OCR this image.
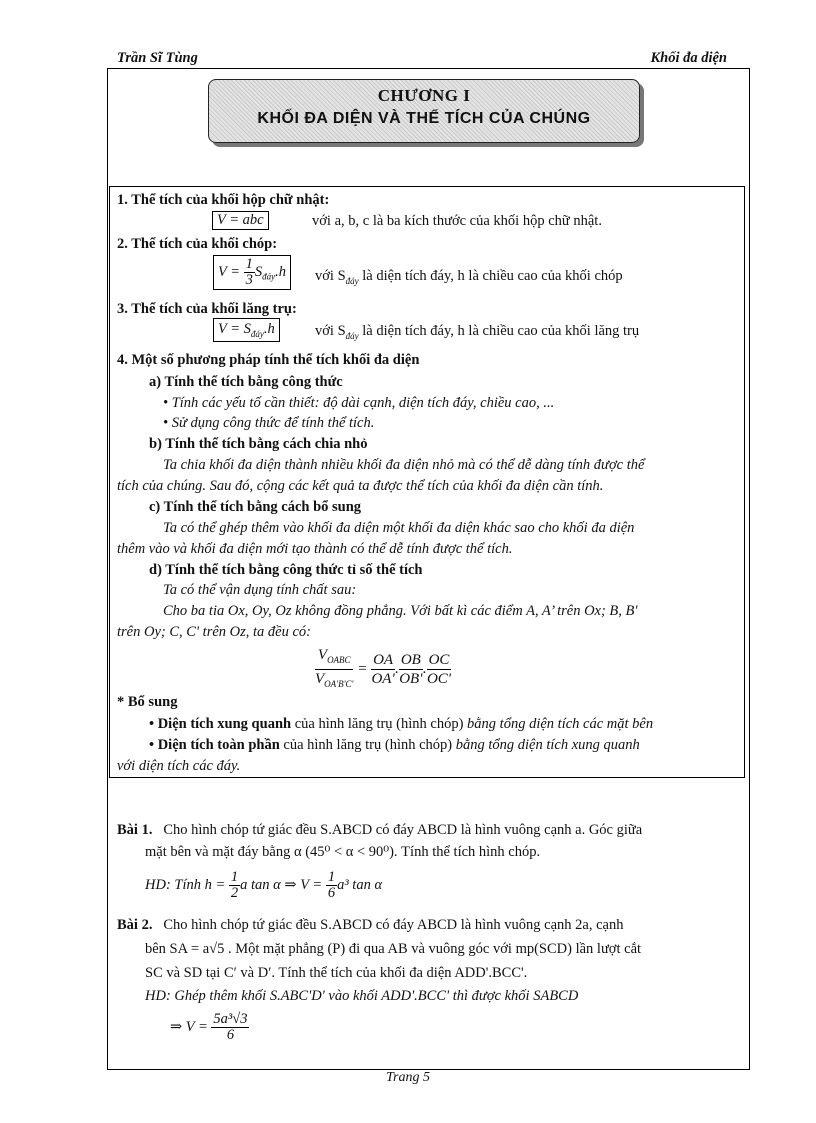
Trần Sĩ Tùng	Khối đa diện
CHƯƠNG I
KHỐI ĐA DIỆN VÀ THỂ TÍCH CỦA CHÚNG
1. Thể tích của khối hộp chữ nhật:
V = abc	với a, b, c là ba kích thước của khối hộp chữ nhật.
2. Thể tích của khối chóp:
$V = \frac{1}{3} S_{đáy}.h$	với $S_{đáy}$ là diện tích đáy, h là chiều cao của khối chóp
3. Thể tích của khối lăng trụ:
$V = S_{đáy}.h$	với $S_{đáy}$ là diện tích đáy, h là chiều cao của khối lăng trụ
4. Một số phương pháp tính thể tích khối đa diện
a) Tính thể tích bằng công thức
• Tính các yếu tố cần thiết: độ dài cạnh, diện tích đáy, chiều cao, ...
• Sử dụng công thức để tính thể tích.
b) Tính thể tích bằng cách chia nhỏ
Ta chia khối đa diện thành nhiều khối đa diện nhỏ mà có thể dễ dàng tính được thể
tích của chúng. Sau đó, cộng các kết quả ta được thể tích của khối đa diện cần tính.
c) Tính thể tích bằng cách bổ sung
Ta có thể ghép thêm vào khối đa diện một khối đa diện khác sao cho khối đa diện
thêm vào và khối đa diện mới tạo thành có thể dễ tính được thể tích.
d) Tính thể tích bằng công thức tỉ số thể tích
Ta có thể vận dụng tính chất sau:
Cho ba tia Ox, Oy, Oz không đồng phẳng. Với bất kì các điểm A, A’ trên Ox; B, B'
trên Oy; C, C' trên Oz, ta đều có:
$\frac{V_{OABC}}{V_{OA'B'C'}} = \frac{OA}{OA'}$ . $\frac{OB}{OB'}$ . $\frac{OC}{OC'}$
* Bổ sung
• Diện tích xung quanh của hình lăng trụ (hình chóp) bằng tổng diện tích các mặt bên
• Diện tích toàn phần của hình lăng trụ (hình chóp) bằng tổng diện tích xung quanh
với diện tích các đáy.
Bài 1. Cho hình chóp tứ giác đều S.ABCD có đáy ABCD là hình vuông cạnh a. Góc giữa
mặt bên và mặt đáy bằng α (45⁰ < α < 90⁰). Tính thể tích hình chóp.
HD: Tính $h = \frac{1}{2}$ a tan α ⇒ $V = \frac{1}{6} a^3$ tan α
Bài 2. Cho hình chóp tứ giác đều S.ABCD có đáy ABCD là hình vuông cạnh 2a, cạnh
bên SA = a√5 . Một mặt phẳng (P) đi qua AB và vuông góc với mp(SCD) lần lượt cắt
SC và SD tại C′ và D′. Tính thể tích của khối đa diện ADD'.BCC'.
HD: Ghép thêm khối S.ABC'D' vào khối ADD'.BCC' thì được khối SABCD
⇒ $V = \frac{\text{5a³√3}}{6}$
Trang 5
